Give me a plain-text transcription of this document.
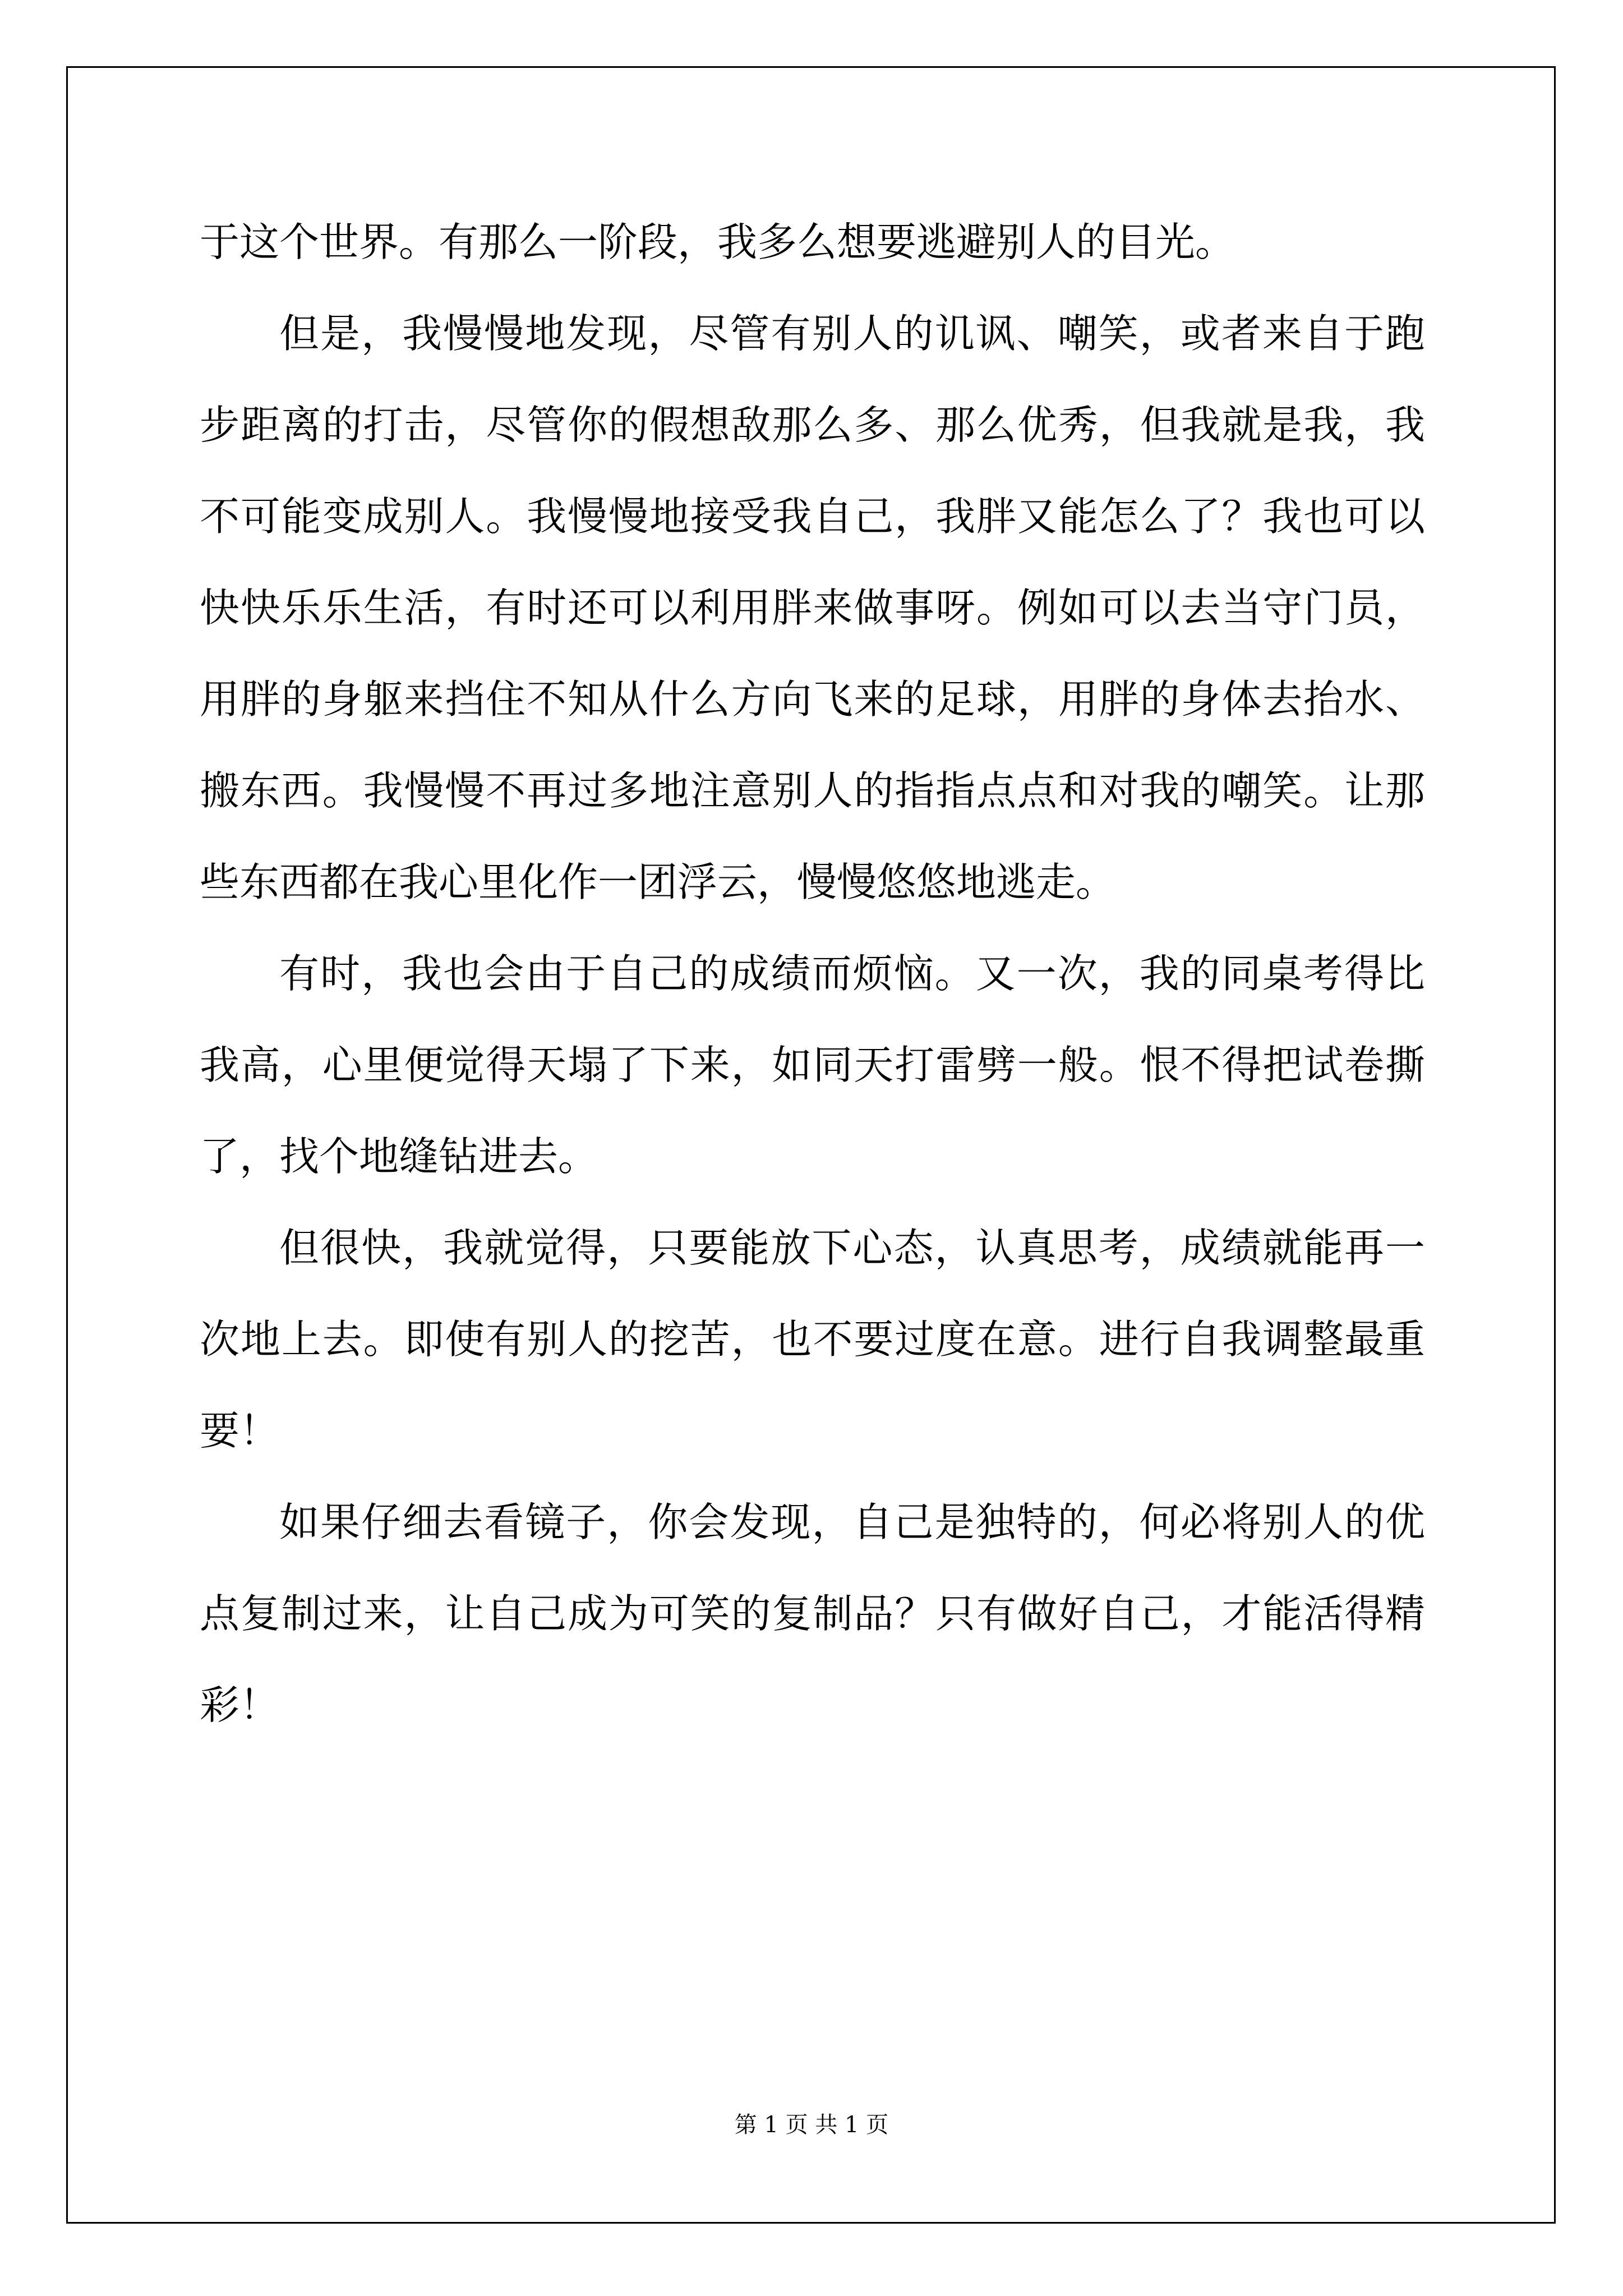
于这个世界。有那么一阶段，我多么想要逃避别人的目光。

但是，我慢慢地发现，尽管有别人的讥讽、嘲笑，或者来自于跑步距离的打击，尽管你的假想敌那么多、那么优秀，但我就是我，我不可能变成别人。我慢慢地接受我自己，我胖又能怎么了？我也可以快快乐乐生活，有时还可以利用胖来做事呀。例如可以去当守门员，用胖的身躯来挡住不知从什么方向飞来的足球，用胖的身体去抬水、搬东西。我慢慢不再过多地注意别人的指指点点和对我的嘲笑。让那些东西都在我心里化作一团浮云，慢慢悠悠地逃走。

有时，我也会由于自己的成绩而烦恼。又一次，我的同桌考得比我高，心里便觉得天塌了下来，如同天打雷劈一般。恨不得把试卷撕了，找个地缝钻进去。

但很快，我就觉得，只要能放下心态，认真思考，成绩就能再一次地上去。即使有别人的挖苦，也不要过度在意。进行自我调整最重要！

如果仔细去看镜子，你会发现，自己是独特的，何必将别人的优点复制过来，让自己成为可笑的复制品？只有做好自己，才能活得精彩！

第 1 页 共 1 页
